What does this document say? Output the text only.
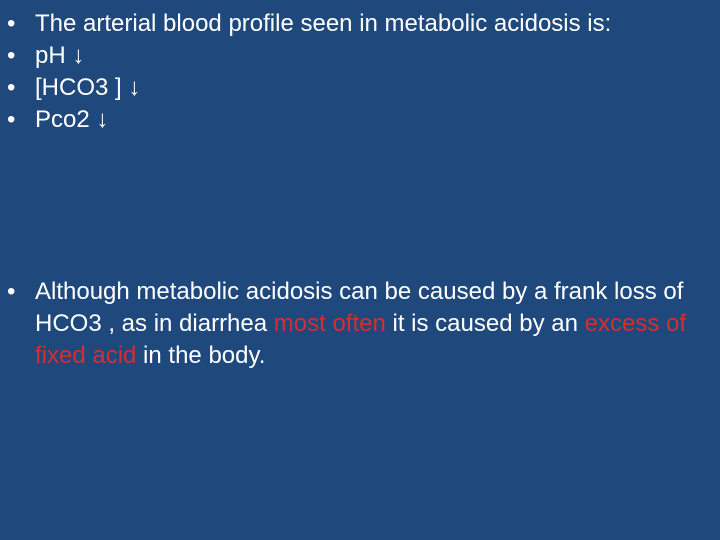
• The arterial blood profile seen in metabolic acidosis is:
• pH ↓
• [HCO3 ] ↓
• Pco2 ↓
• Although metabolic acidosis can be caused by a frank loss of HCO3 , as in diarrhea most often it is caused by an excess of fixed acid in the body.
